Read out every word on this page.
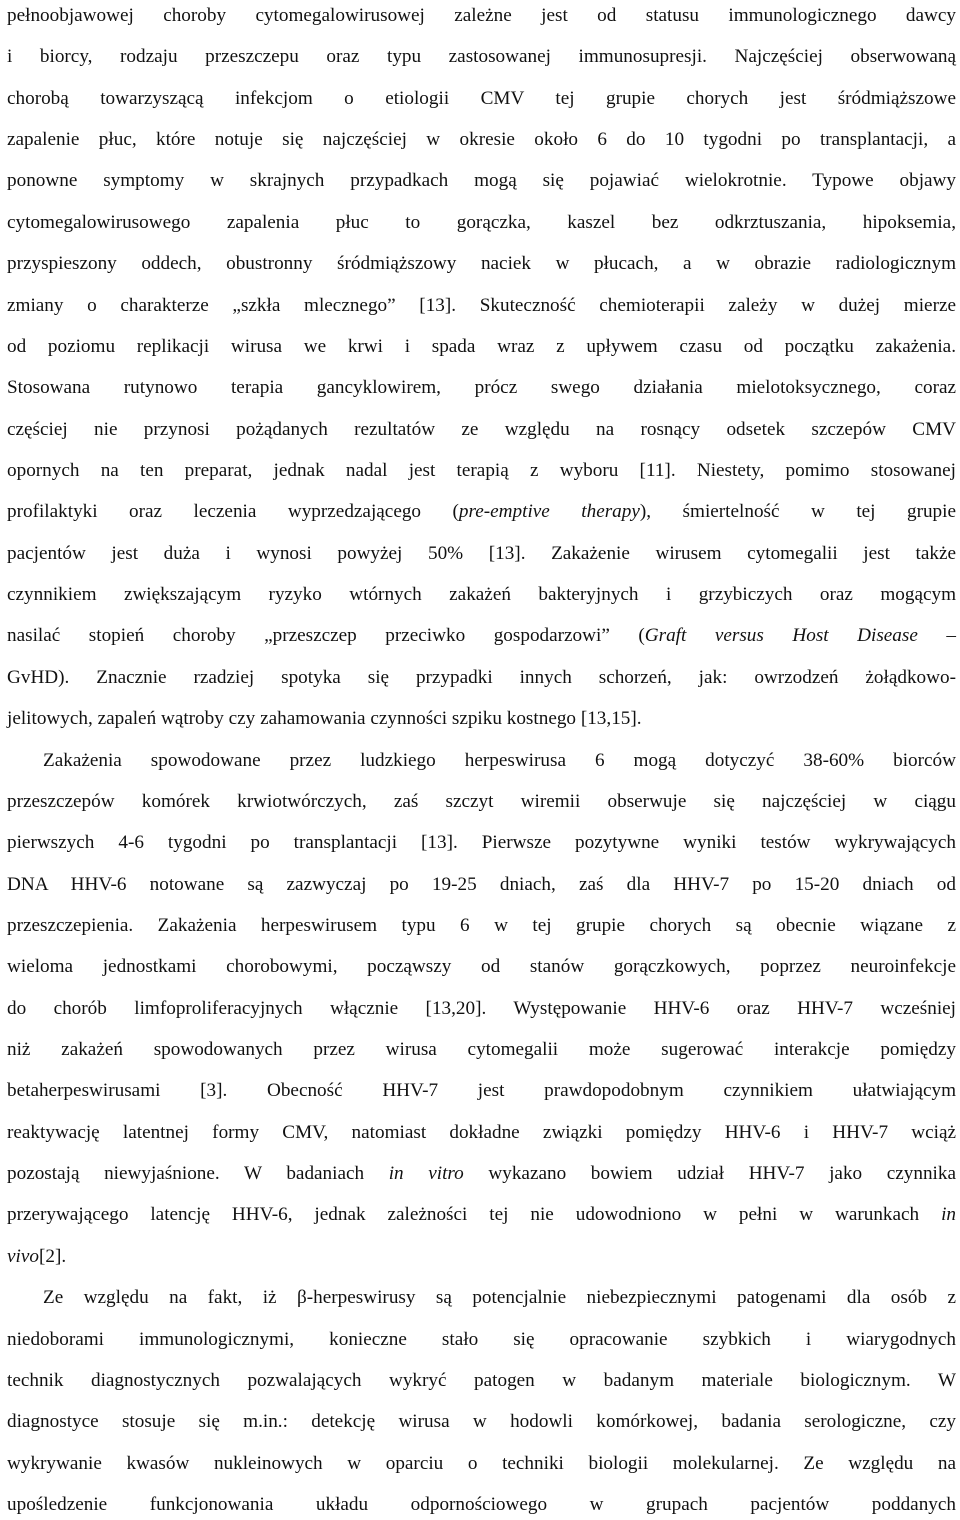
pełnoobjawowej choroby cytomegalowirusowej zależne jest od statusu immunologicznego dawcy
i biorcy, rodzaju przeszczepu oraz typu zastosowanej immunosupresji. Najczęściej obserwowaną
chorobą towarzyszącą infekcjom o etiologii CMV tej grupie chorych jest śródmiąższowe
zapalenie płuc, które notuje się najczęściej w okresie około 6 do 10 tygodni po transplantacji, a
ponowne symptomy w skrajnych przypadkach mogą się pojawiać wielokrotnie. Typowe objawy
cytomegalowirusowego zapalenia płuc to gorączka, kaszel bez odkrztuszania, hipoksemia,
przyspieszony oddech, obustronny śródmiąższowy naciek w płucach, a w obrazie radiologicznym
zmiany o charakterze „szkła mlecznego” [13]. Skuteczność chemioterapii zależy w dużej mierze
od poziomu replikacji wirusa we krwi i spada wraz z upływem czasu od początku zakażenia.
Stosowana rutynowo terapia gancyklowirem, prócz swego działania mielotoksycznego, coraz
częściej nie przynosi pożądanych rezultatów ze względu na rosnący odsetek szczepów CMV
opornych na ten preparat, jednak nadal jest terapią z wyboru [11]. Niestety, pomimo stosowanej
profilaktyki oraz leczenia wyprzedzającego (pre-emptive therapy), śmiertelność w tej grupie
pacjentów jest duża i wynosi powyżej 50% [13]. Zakażenie wirusem cytomegalii jest także
czynnikiem zwiększającym ryzyko wtórnych zakażeń bakteryjnych i grzybiczych oraz mogącym
nasilać stopień choroby „przeszczep przeciwko gospodarzowi” (Graft versus Host Disease –
GvHD). Znacznie rzadziej spotyka się przypadki innych schorzeń, jak: owrzodzeń żołądkowo-
jelitowych, zapaleń wątroby czy zahamowania czynności szpiku kostnego [13,15].
Zakażenia spowodowane przez ludzkiego herpeswirusa 6 mogą dotyczyć 38-60% biorców
przeszczepów komórek krwiotwórczych, zaś szczyt wiremii obserwuje się najczęściej w ciągu
pierwszych 4-6 tygodni po transplantacji [13]. Pierwsze pozytywne wyniki testów wykrywających
DNA HHV-6 notowane są zazwyczaj po 19-25 dniach, zaś dla HHV-7 po 15-20 dniach od
przeszczepienia. Zakażenia herpeswirusem typu 6 w tej grupie chorych są obecnie wiązane z
wieloma jednostkami chorobowymi, począwszy od stanów gorączkowych, poprzez neuroinfekcje
do chorób limfoproliferacyjnych włącznie [13,20]. Występowanie HHV-6 oraz HHV-7 wcześniej
niż zakażeń spowodowanych przez wirusa cytomegalii może sugerować interakcje pomiędzy
betaherpeswirusami [3]. Obecność HHV-7 jest prawdopodobnym czynnikiem ułatwiającym
reaktywację latentnej formy CMV, natomiast dokładne związki pomiędzy HHV-6 i HHV-7 wciąż
pozostają niewyjaśnione. W badaniach in vitro wykazano bowiem udział HHV-7 jako czynnika
przerywającego latencję HHV-6, jednak zależności tej nie udowodniono w pełni w warunkach in
vivo[2].
Ze względu na fakt, iż β-herpeswirusy są potencjalnie niebezpiecznymi patogenami dla osób z
niedoborami immunologicznymi, konieczne stało się opracowanie szybkich i wiarygodnych
technik diagnostycznych pozwalających wykryć patogen w badanym materiale biologicznym. W
diagnostyce stosuje się m.in.: detekcję wirusa w hodowli komórkowej, badania serologiczne, czy
wykrywanie kwasów nukleinowych w oparciu o techniki biologii molekularnej. Ze względu na
upośledzenie funkcjonowania układu odpornościowego w grupach pacjentów poddanych
